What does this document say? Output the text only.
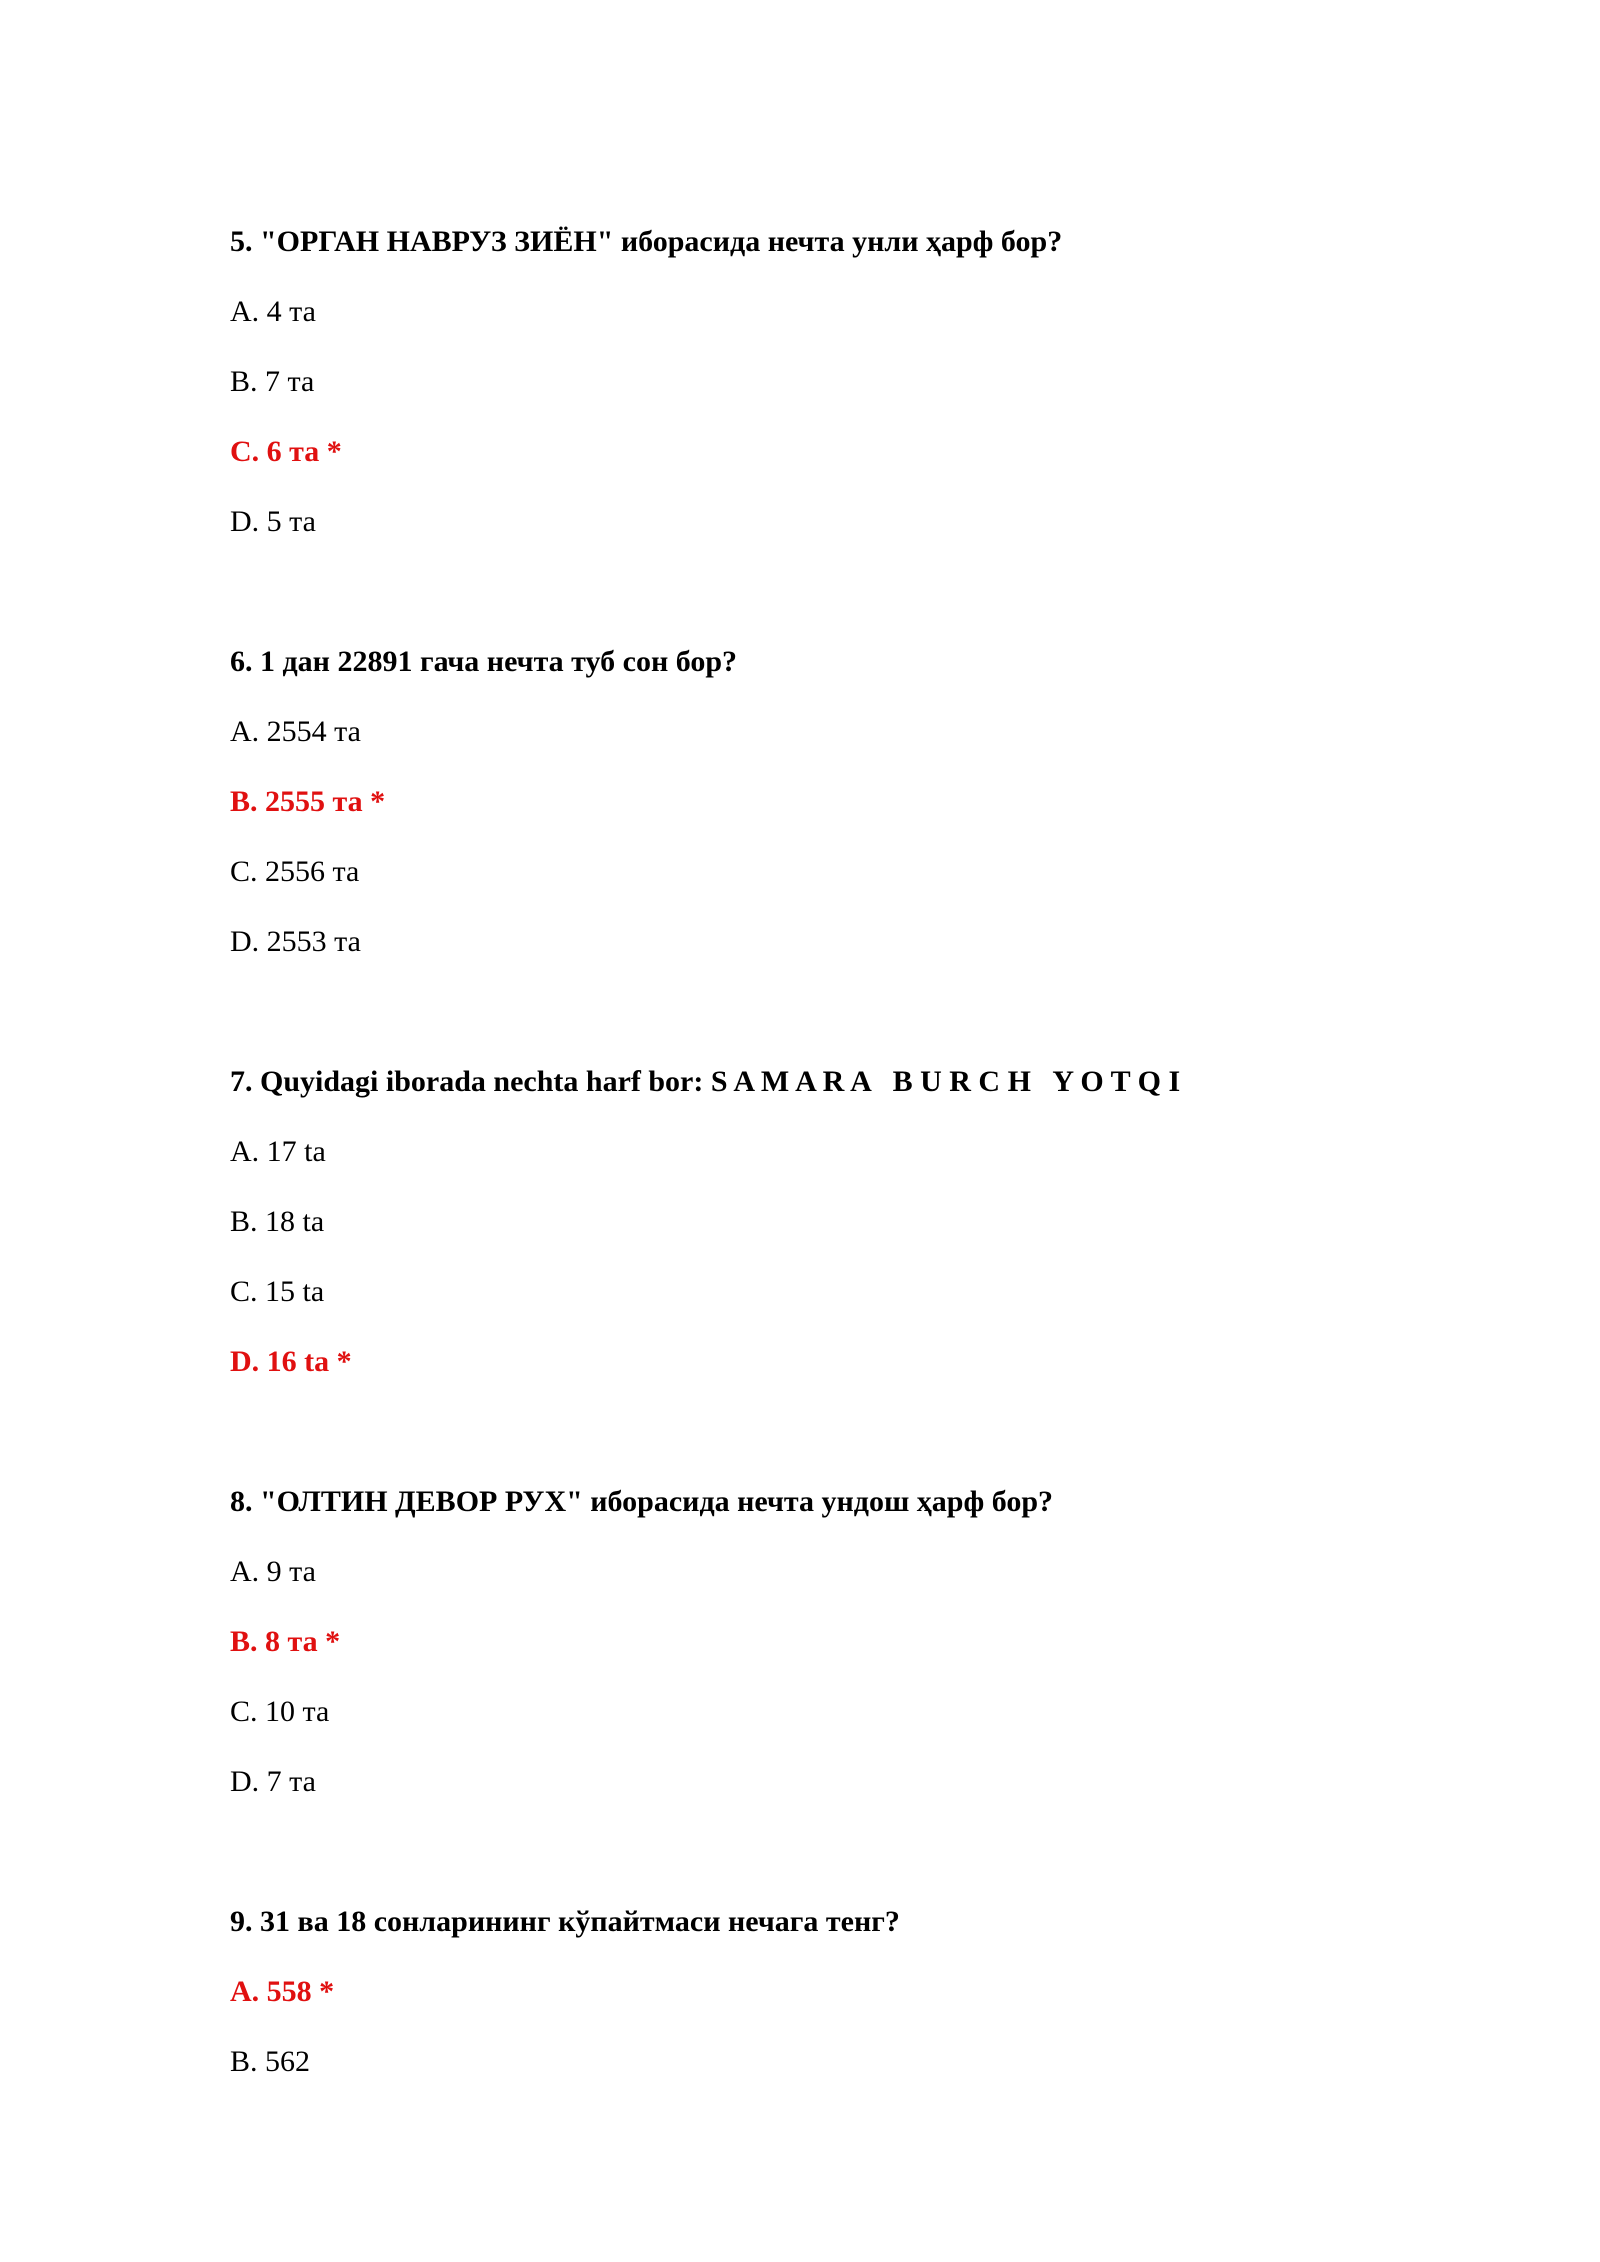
5. "ОРГАН НАВРУЗ ЗИЁН" иборасида нечта унли ҳарф бор?
A. 4 та
B. 7 та
C. 6 та *
D. 5 та
6. 1 дан 22891 гача нечта туб сон бор?
A. 2554 та
B. 2555 та *
C. 2556 та
D. 2553 та
7. Quyidagi iborada nechta harf bor: S A M A R A   B U R C H   Y O T Q I
A. 17 ta
B. 18 ta
C. 15 ta
D. 16 ta *
8. "ОЛТИН ДЕВОР РУХ" иборасида нечта ундош ҳарф бор?
A. 9 та
B. 8 та *
C. 10 та
D. 7 та
9. 31 ва 18 сонларининг кўпайтмаси нечага тенг?
A. 558 *
B. 562
